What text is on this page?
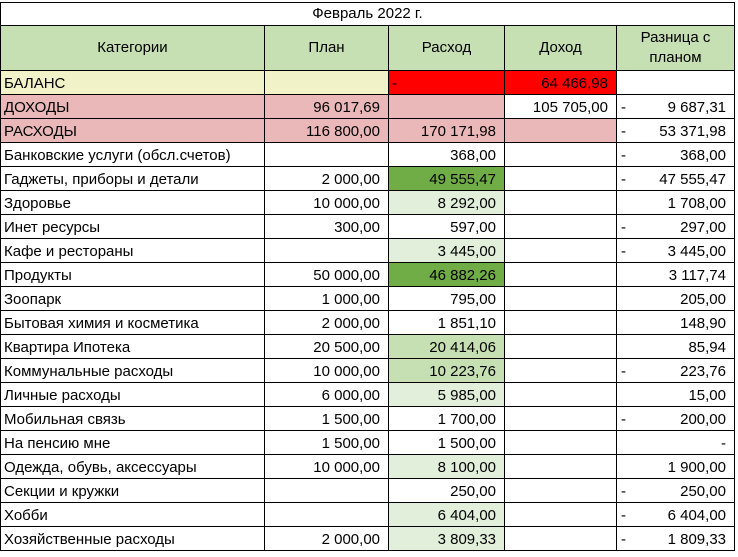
Февраль 2022 г.				
Категории	План	Расход	Доход	Разница с планом
БАЛАНС		-	64 466,98	
ДОХОДЫ	96 017,69		105 705,00	- 9 687,31
РАСХОДЫ	116 800,00	170 171,98		- 53 371,98
Банковские услуги (обсл.счетов)		368,00		- 368,00
Гаджеты, приборы и детали	2 000,00	49 555,47		- 47 555,47
Здоровье	10 000,00	8 292,00		1 708,00
Инет ресурсы	300,00	597,00		- 297,00
Кафе и рестораны		3 445,00		- 3 445,00
Продукты	50 000,00	46 882,26		3 117,74
Зоопарк	1 000,00	795,00		205,00
Бытовая химия и косметика	2 000,00	1 851,10		148,90
Квартира Ипотека	20 500,00	20 414,06		85,94
Коммунальные расходы	10 000,00	10 223,76		- 223,76
Личные расходы	6 000,00	5 985,00		15,00
Мобильная связь	1 500,00	1 700,00		- 200,00
На пенсию мне	1 500,00	1 500,00		-
Одежда, обувь, аксессуары	10 000,00	8 100,00		1 900,00
Секции и кружки		250,00		- 250,00
Хобби		6 404,00		- 6 404,00
Хозяйственные расходы	2 000,00	3 809,33		- 1 809,33
